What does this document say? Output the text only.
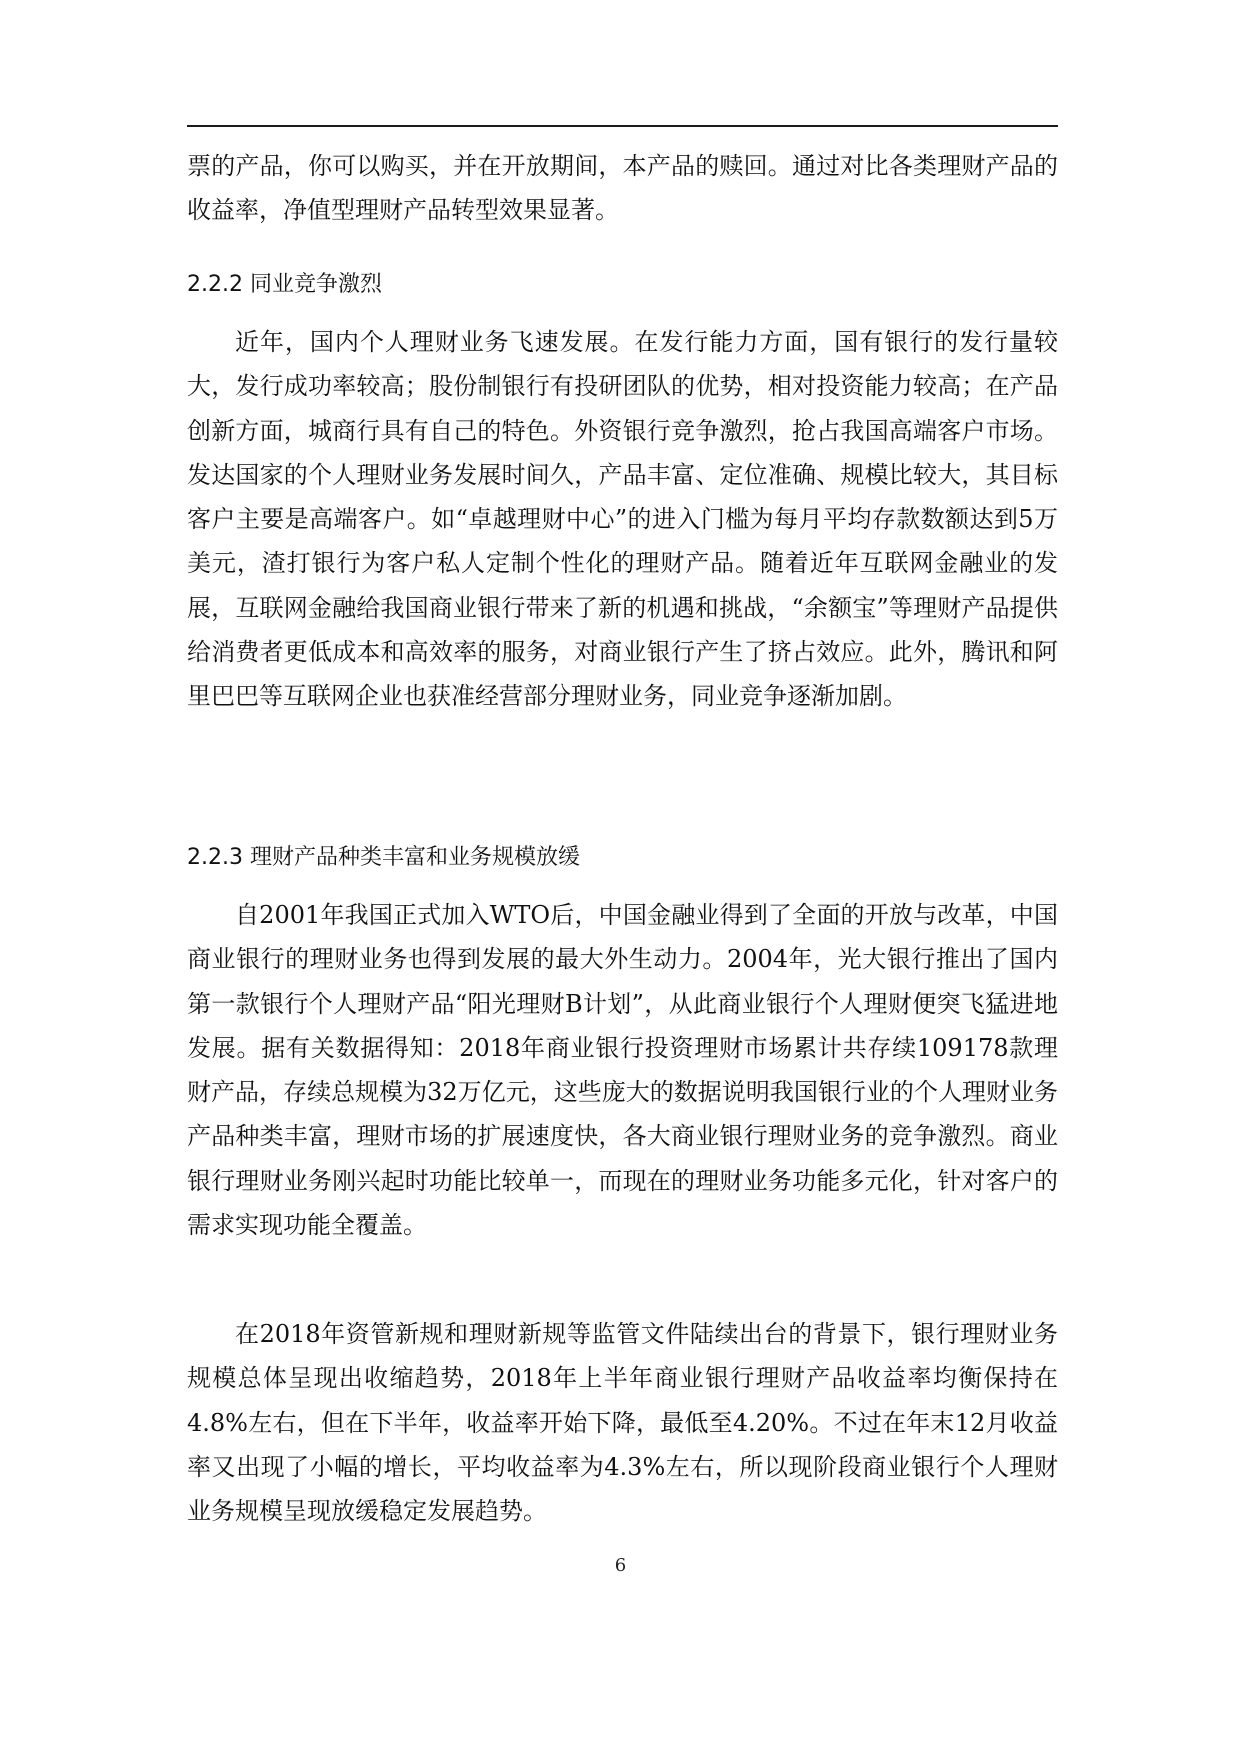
票的产品，你可以购买，并在开放期间，本产品的赎回。通过对比各类理财产品的收益率，净值型理财产品转型效果显著。

2.2.2 同业竞争激烈

近年，国内个人理财业务飞速发展。在发行能力方面，国有银行的发行量较大，发行成功率较高；股份制银行有投研团队的优势，相对投资能力较高；在产品创新方面，城商行具有自己的特色。外资银行竞争激烈，抢占我国高端客户市场。发达国家的个人理财业务发展时间久，产品丰富、定位准确、规模比较大，其目标客户主要是高端客户。如“卓越理财中心”的进入门槛为每月平均存款数额达到5万美元，渣打银行为客户私人定制个性化的理财产品。随着近年互联网金融业的发展，互联网金融给我国商业银行带来了新的机遇和挑战，“余额宝”等理财产品提供给消费者更低成本和高效率的服务，对商业银行产生了挤占效应。此外，腾讯和阿里巴巴等互联网企业也获准经营部分理财业务，同业竞争逐渐加剧。

2.2.3 理财产品种类丰富和业务规模放缓

自2001年我国正式加入WTO后，中国金融业得到了全面的开放与改革，中国商业银行的理财业务也得到发展的最大外生动力。2004年，光大银行推出了国内第一款银行个人理财产品“阳光理财B计划”，从此商业银行个人理财便突飞猛进地发展。据有关数据得知：2018年商业银行投资理财市场累计共存续109178款理财产品，存续总规模为32万亿元，这些庞大的数据说明我国银行业的个人理财业务产品种类丰富，理财市场的扩展速度快，各大商业银行理财业务的竞争激烈。商业银行理财业务刚兴起时功能比较单一，而现在的理财业务功能多元化，针对客户的需求实现功能全覆盖。

在2018年资管新规和理财新规等监管文件陆续出台的背景下，银行理财业务规模总体呈现出收缩趋势，2018年上半年商业银行理财产品收益率均衡保持在4.8%左右，但在下半年，收益率开始下降，最低至4.20%。不过在年末12月收益率又出现了小幅的增长，平均收益率为4.3%左右，所以现阶段商业银行个人理财业务规模呈现放缓稳定发展趋势。

6
